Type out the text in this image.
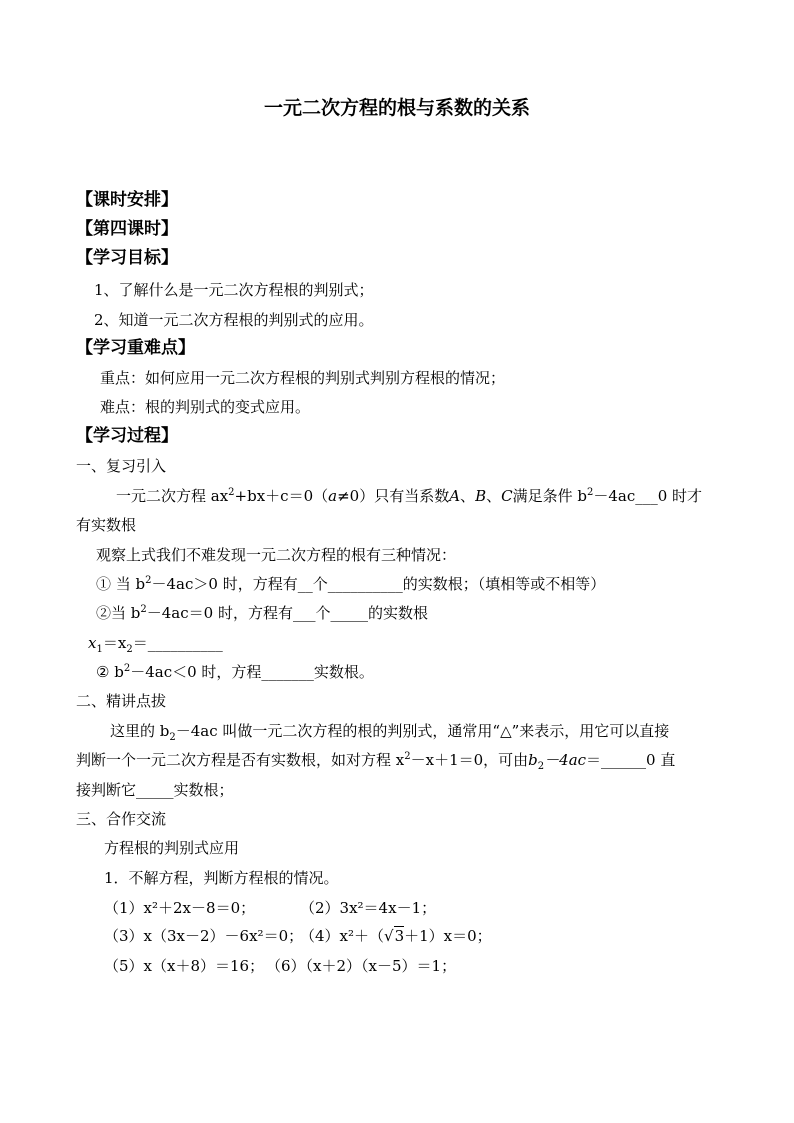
一元二次方程的根与系数的关系
【课时安排】
【第四课时】
【学习目标】
1、了解什么是一元二次方程根的判别式；
2、知道一元二次方程根的判别式的应用。
【学习重难点】
重点：如何应用一元二次方程根的判别式判别方程根的情况；
难点：根的判别式的变式应用。
【学习过程】
一、复习引入
一元二次方程 $ax^2+bx+c=0(a\ne 0)$只有当系数A、B、C满足条件 $b^2-4ac\_\_\_0$ 时才
有实数根
观察上式我们不难发现一元二次方程的根有三种情况：
① 当 $b^2-4ac>0$ 时，方程有__个__________的实数根；（填相等或不相等）
②当 $b^2-4ac=0$ 时，方程有___个_____的实数根
$x_1=x_2=\_\_\_\_\_\_\_\_\_\_$
② $b^2-4ac<0$ 时，方程_______实数根。
二、精讲点拔
这里的 $b_2-4ac$ 叫做一元二次方程的根的判别式，通常用“△”来表示，用它可以直接
判断一个一元二次方程是否有实数根，如对方程 $x^2-x+1=0$，可由$b_2-4ac=\_\_\_\_\_\_0$ 直
接判断它_____实数根；
三、合作交流
方程根的判别式应用
1．不解方程，判断方程根的情况。
（1）x²＋2x－8＝0；	（2）3x²＝4x－1；
（3）x（3x－2）－6x²＝0；
（4）x²＋（√3＋1）x＝0；
（5）x（x＋8）＝16； （6）（x＋2）（x－5）＝1；
